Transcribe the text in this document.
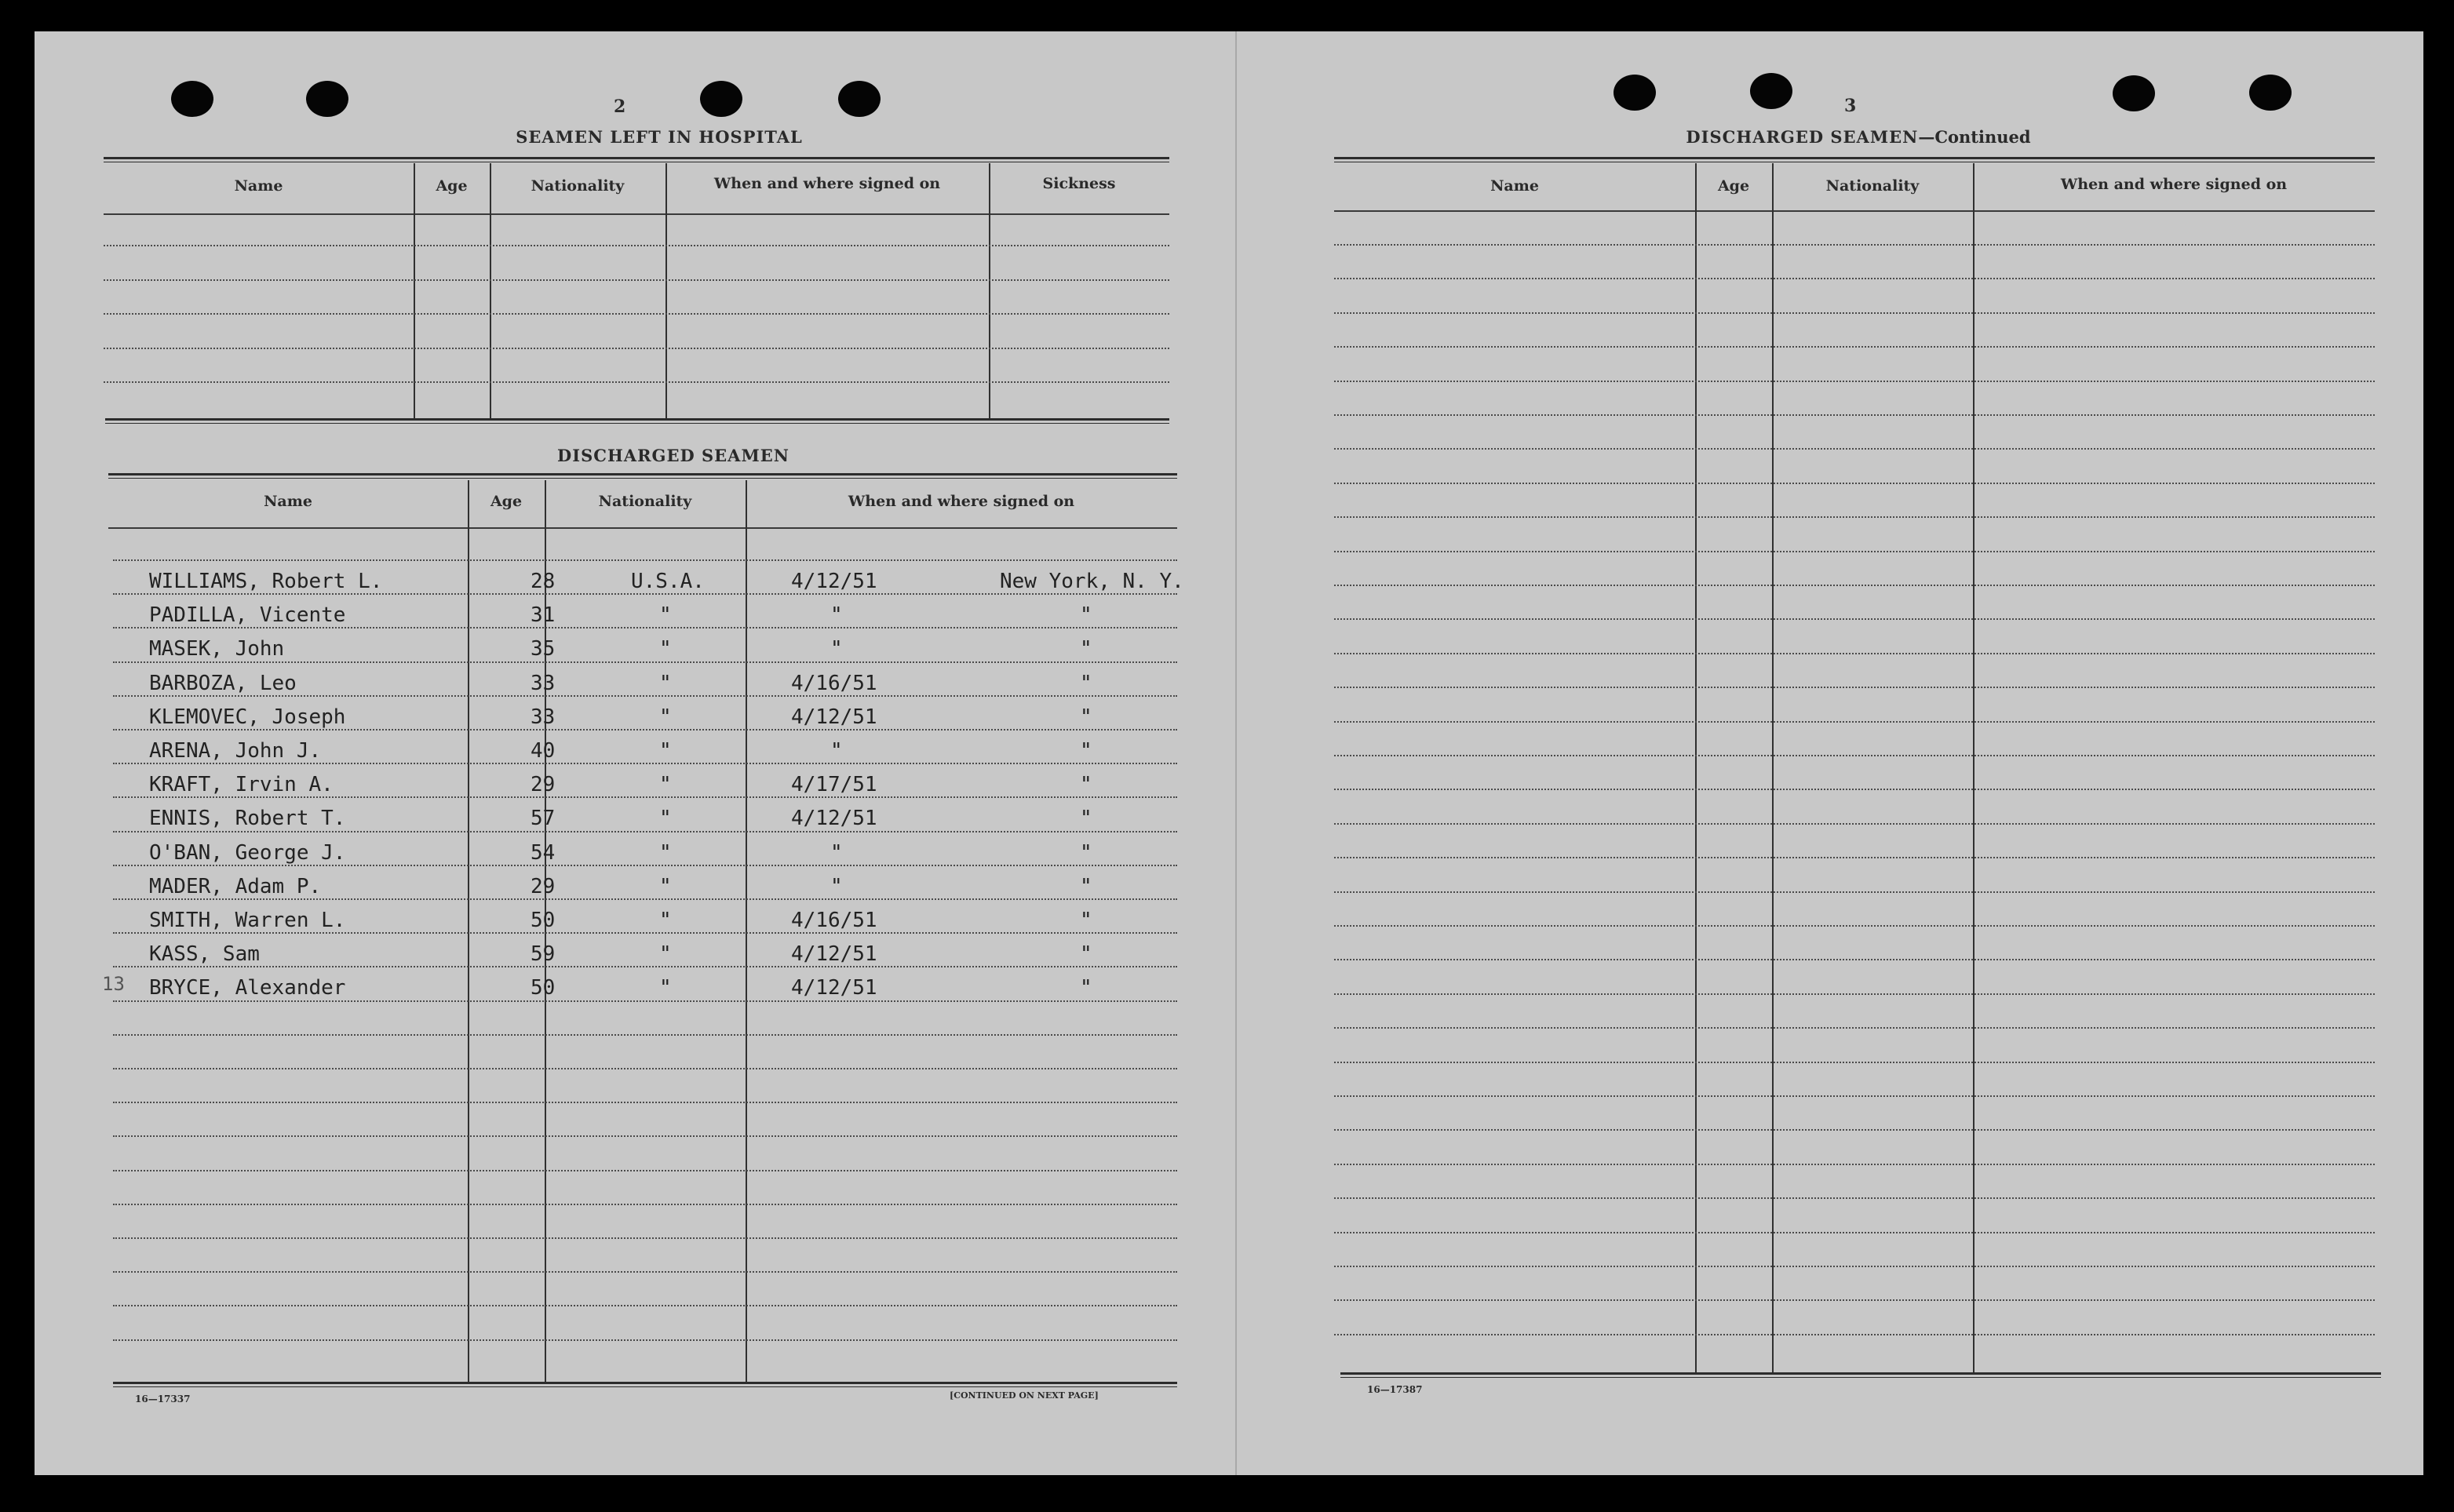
2
SEAMEN LEFT IN HOSPITAL
Name	Age	Nationality	When and where signed on	Sickness
DISCHARGED SEAMEN
Name	Age	Nationality	When and where signed on
WILLIAMS, Robert L.	28	U.S.A.	4/12/51	New York, N. Y.
PADILLA, Vicente	31	"	"	"
MASEK, John	35	"	"	"
BARBOZA, Leo	33	"	4/16/51	"
KLEMOVEC, Joseph	33	"	4/12/51	"
ARENA, John J.	40	"	"	"
KRAFT, Irvin A.	29	"	4/17/51	"
ENNIS, Robert T.	57	"	4/12/51	"
O'BAN, George J.	54	"	"	"
MADER, Adam P.	29	"	"	"
SMITH, Warren L.	50	"	4/16/51	"
KASS, Sam	59	"	4/12/51	"
BRYCE, Alexander	50	"	4/12/51	"
13
16—17337	[CONTINUED ON NEXT PAGE]
3
DISCHARGED SEAMEN—Continued
Name	Age	Nationality	When and where signed on
16—17387
